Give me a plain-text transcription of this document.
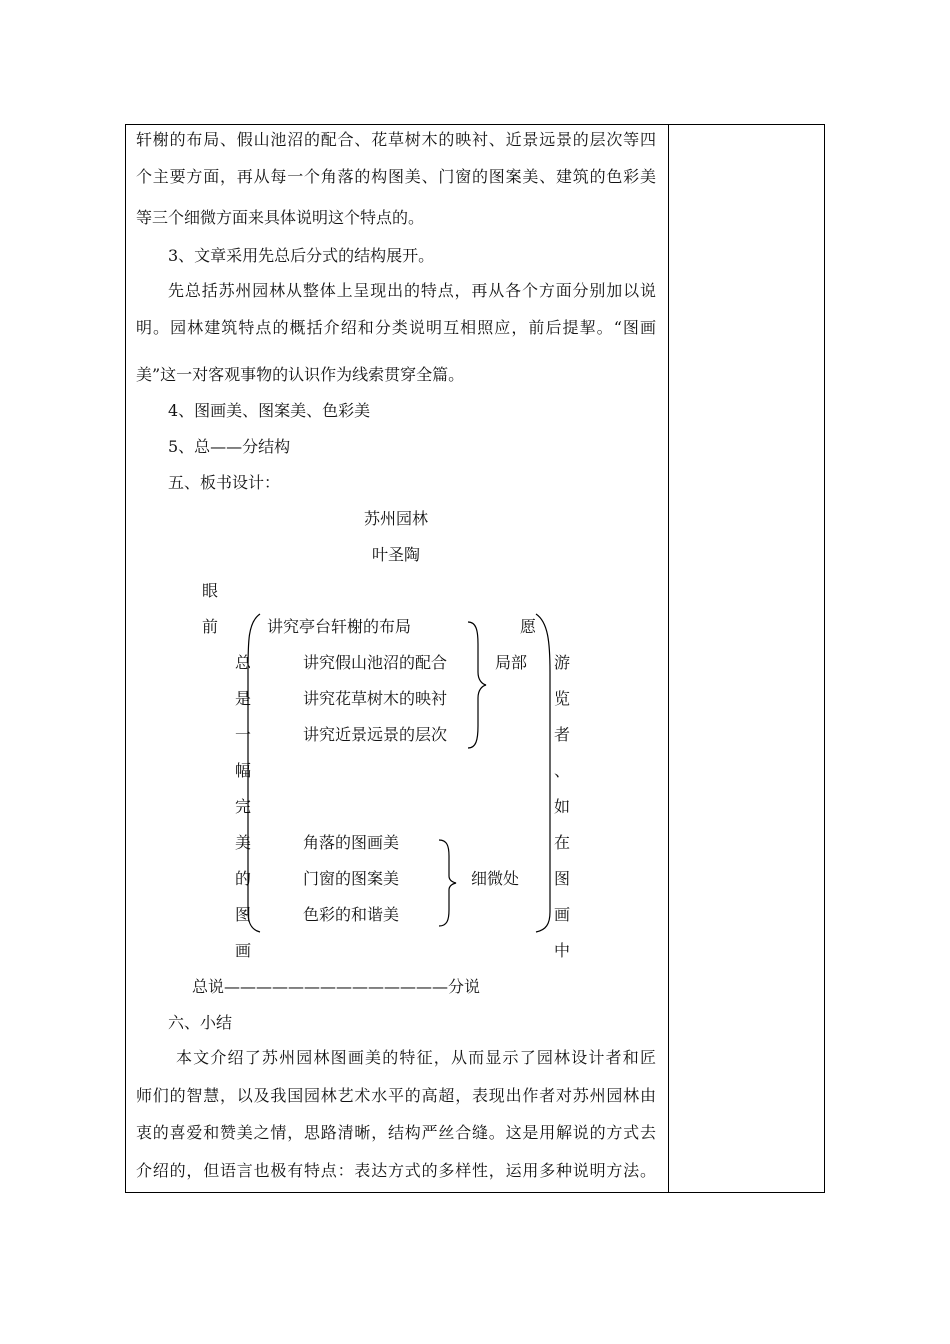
轩榭的布局、假山池沼的配合、花草树木的映衬、近景远景的层次等四
个主要方面，再从每一个角落的构图美、门窗的图案美、建筑的色彩美
等三个细微方面来具体说明这个特点的。
3、文章采用先总后分式的结构展开。
先总括苏州园林从整体上呈现出的特点，再从各个方面分别加以说
明。园林建筑特点的概括介绍和分类说明互相照应，前后提挈。“图画
美”这一对客观事物的认识作为线索贯穿全篇。
4、图画美、图案美、色彩美
5、总——分结构
五、板书设计：
苏州园林
叶圣陶
眼
前
总
是
一
幅
完
美
的
图
画
讲究亭台轩榭的布局
讲究假山池沼的配合
讲究花草树木的映衬
讲究近景远景的层次
局部
角落的图画美
门窗的图案美
色彩的和谐美
细微处
愿
游
览
者
、
如
在
图
画
中
总说——————————————分说
六、小结
本文介绍了苏州园林图画美的特征，从而显示了园林设计者和匠
师们的智慧，以及我国园林艺术水平的高超，表现出作者对苏州园林由
衷的喜爱和赞美之情，思路清晰，结构严丝合缝。这是用解说的方式去
介绍的，但语言也极有特点：表达方式的多样性，运用多种说明方法。
